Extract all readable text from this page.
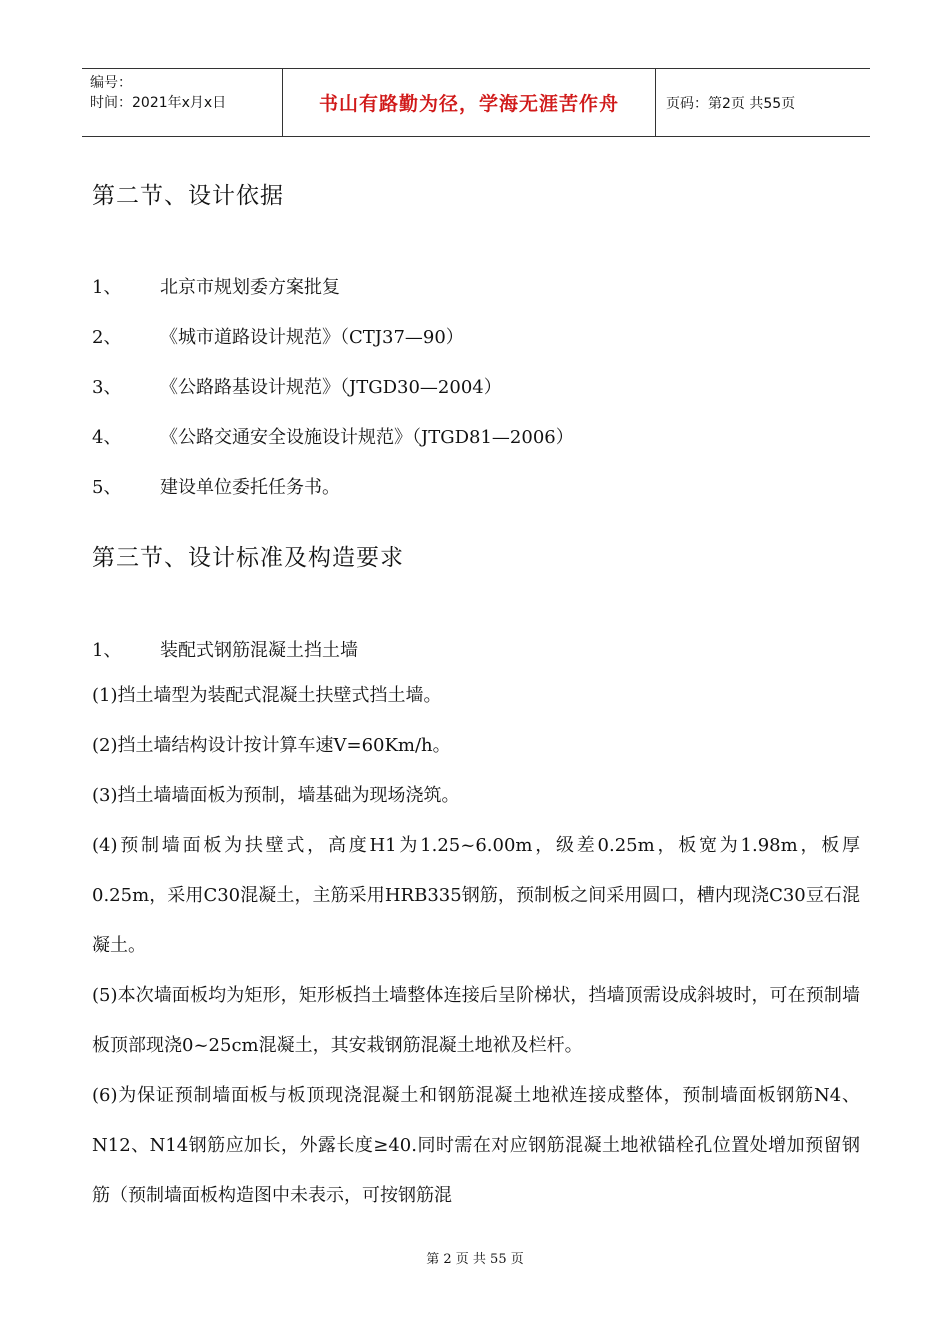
编号：
时间：2021年x月x日	书山有路勤为径，学海无涯苦作舟	页码：第2页 共55页
第二节、设计依据
1、 北京市规划委方案批复
2、 《城市道路设计规范》（CTJ37—90）
3、 《公路路基设计规范》（JTGD30—2004）
4、 《公路交通安全设施设计规范》（JTGD81—2006）
5、 建设单位委托任务书。
第三节、设计标准及构造要求
1、 装配式钢筋混凝土挡土墙
(1)挡土墙型为装配式混凝土扶壁式挡土墙。
(2)挡土墙结构设计按计算车速V=60Km/h。
(3)挡土墙墙面板为预制，墙基础为现场浇筑。
(4)预制墙面板为扶壁式，高度H1为1.25~6.00m，级差0.25m，板宽为1.98m，板厚0.25m，采用C30混凝土，主筋采用HRB335钢筋，预制板之间采用圆口，槽内现浇C30豆石混凝土。
(5)本次墙面板均为矩形，矩形板挡土墙整体连接后呈阶梯状，挡墙顶需设成斜坡时，可在预制墙板顶部现浇0~25cm混凝土，其安栽钢筋混凝土地袱及栏杆。
(6)为保证预制墙面板与板顶现浇混凝土和钢筋混凝土地袱连接成整体，预制墙面板钢筋N4、N12、N14钢筋应加长，外露长度≥40.同时需在对应钢筋混凝土地袱锚栓孔位置处增加预留钢筋（预制墙面板构造图中未表示，可按钢筋混
第 2 页 共 55 页
